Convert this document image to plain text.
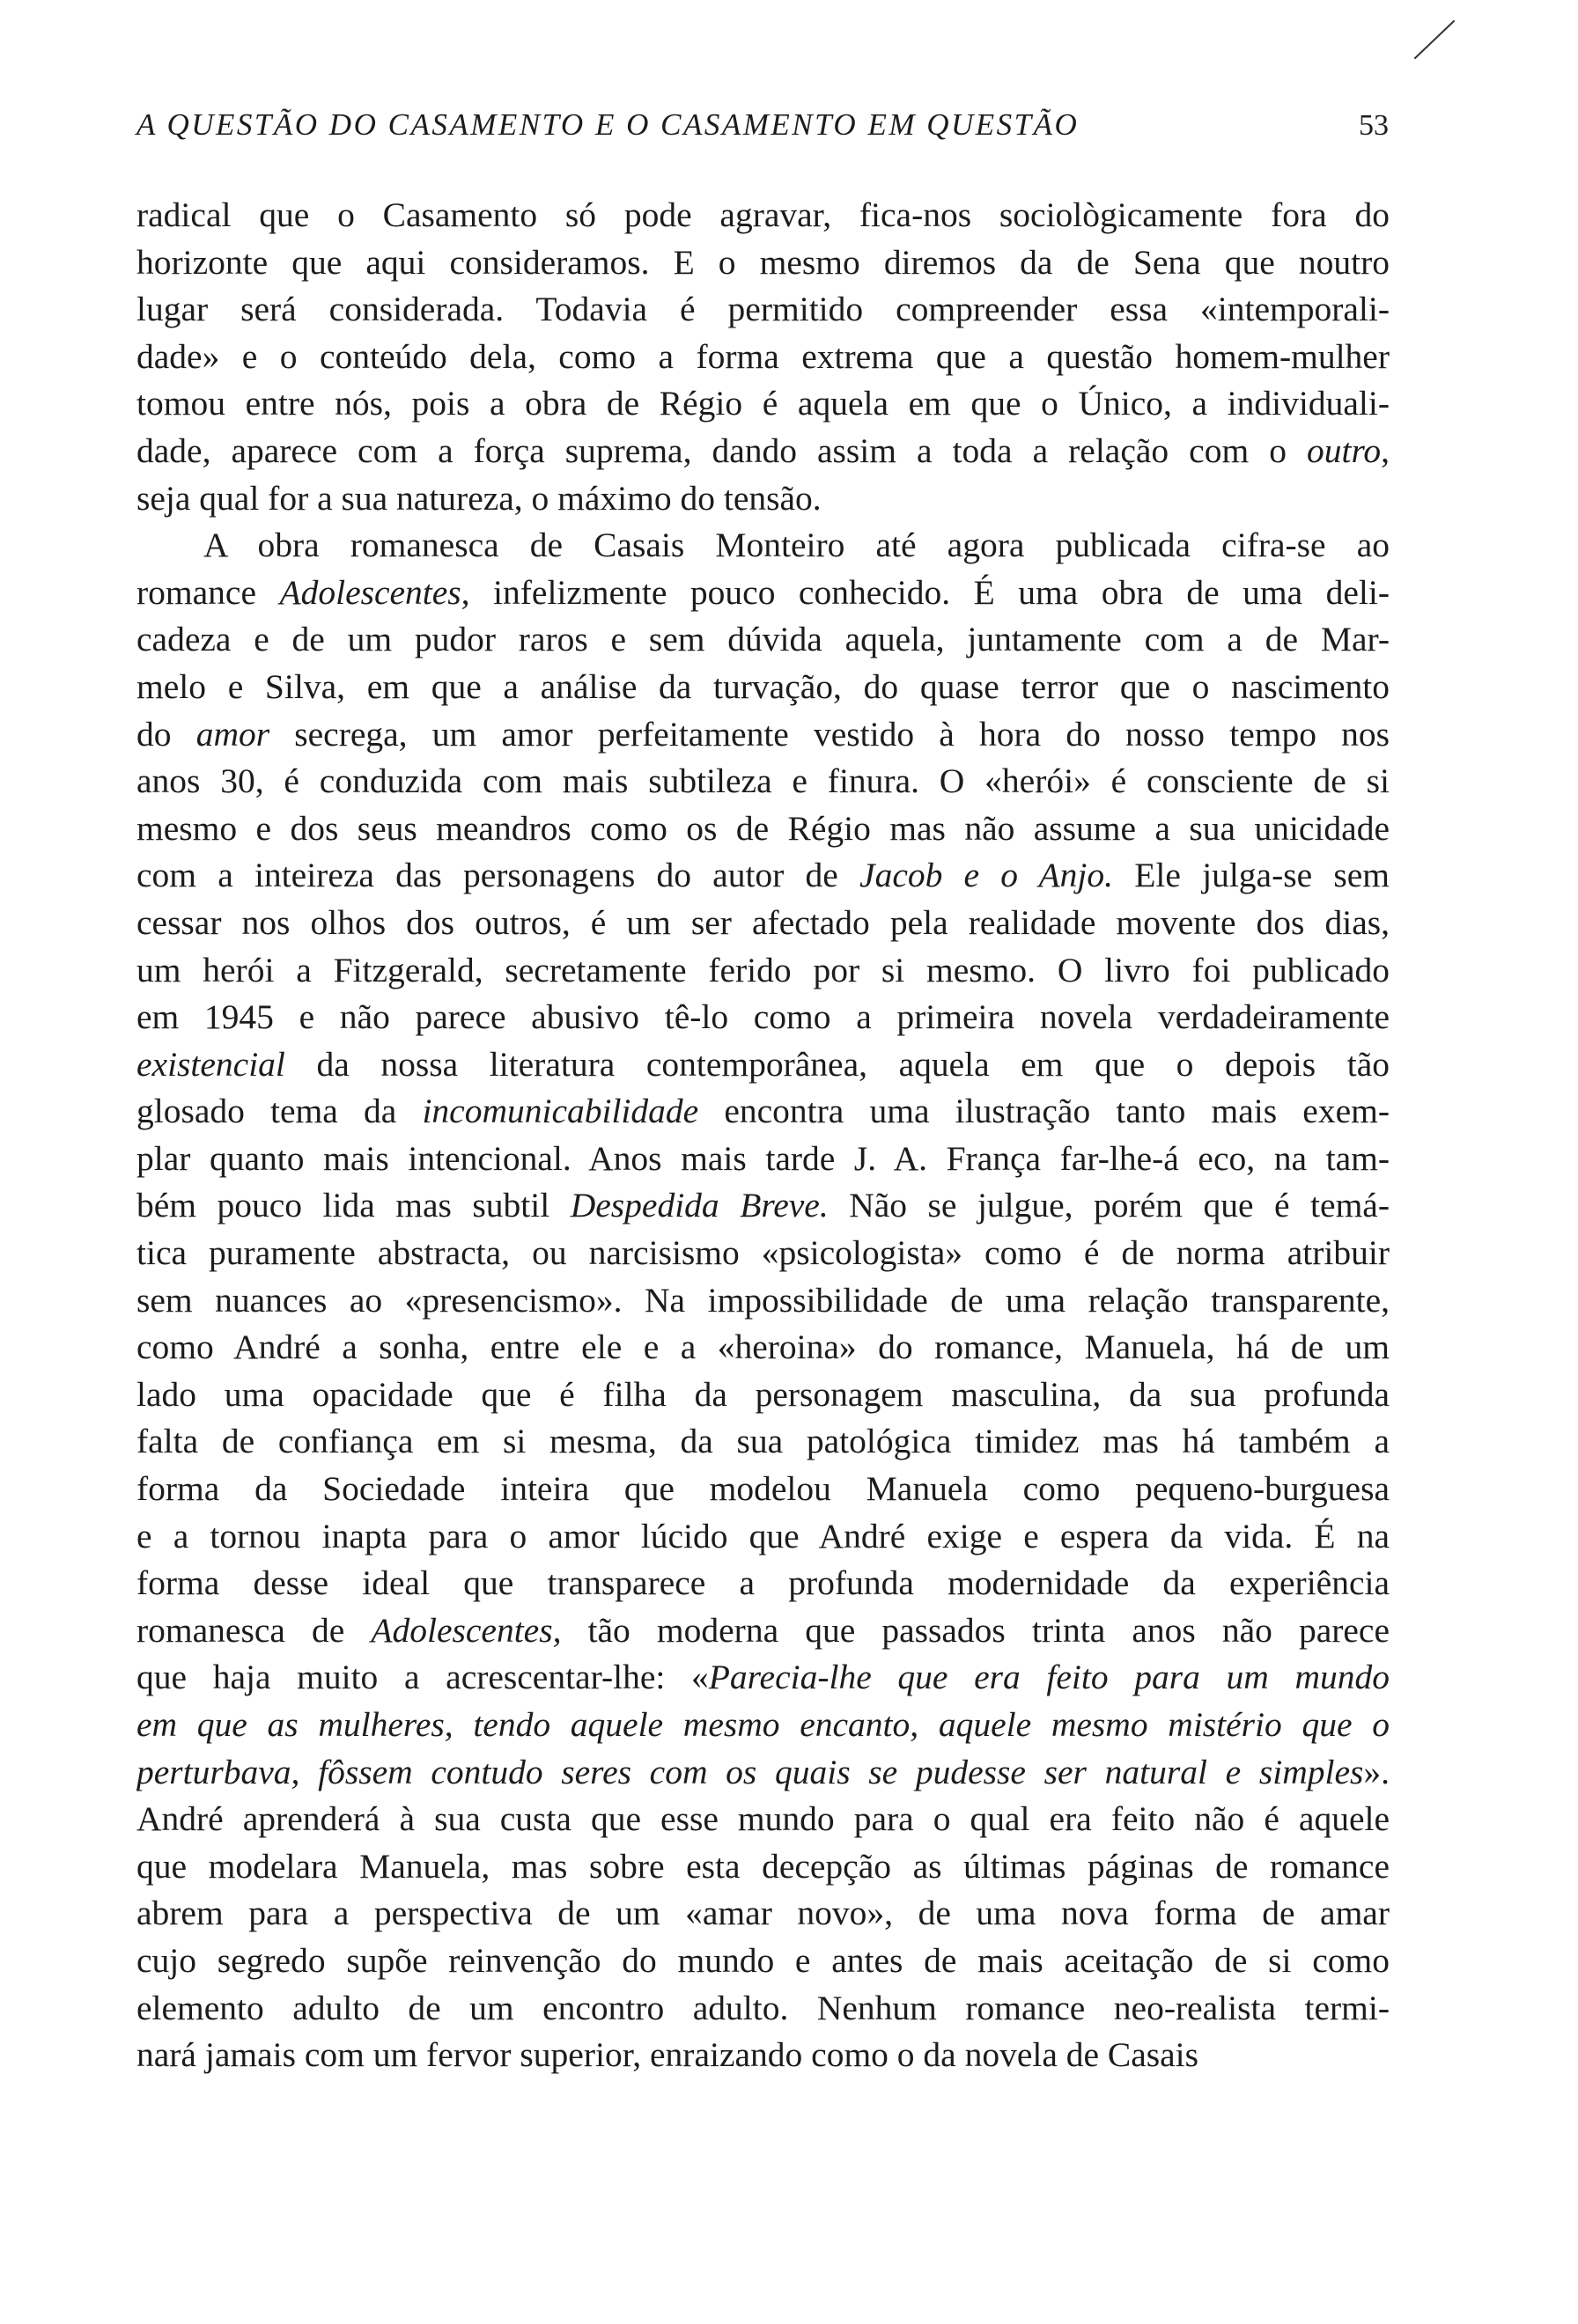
A QUESTÃO DO CASAMENTO E O CASAMENTO EM QUESTÃO	53
radical que o Casamento só pode agravar, fica-nos sociològicamente fora do
horizonte que aqui consideramos. E o mesmo diremos da de Sena que noutro
lugar será considerada. Todavia é permitido compreender essa «intemporali-
dade» e o conteúdo dela, como a forma extrema que a questão homem-mulher
tomou entre nós, pois a obra de Régio é aquela em que o Único, a individuali-
dade, aparece com a força suprema, dando assim a toda a relação com o outro,
seja qual for a sua natureza, o máximo do tensão.
A obra romanesca de Casais Monteiro até agora publicada cifra-se ao
romance Adolescentes, infelizmente pouco conhecido. É uma obra de uma deli-
cadeza e de um pudor raros e sem dúvida aquela, juntamente com a de Mar-
melo e Silva, em que a análise da turvação, do quase terror que o nascimento
do amor secrega, um amor perfeitamente vestido à hora do nosso tempo nos
anos 30, é conduzida com mais subtileza e finura. O «herói» é consciente de si
mesmo e dos seus meandros como os de Régio mas não assume a sua unicidade
com a inteireza das personagens do autor de Jacob e o Anjo. Ele julga-se sem
cessar nos olhos dos outros, é um ser afectado pela realidade movente dos dias,
um herói a Fitzgerald, secretamente ferido por si mesmo. O livro foi publicado
em 1945 e não parece abusivo tê-lo como a primeira novela verdadeiramente
existencial da nossa literatura contemporânea, aquela em que o depois tão
glosado tema da incomunicabilidade encontra uma ilustração tanto mais exem-
plar quanto mais intencional. Anos mais tarde J. A. França far-lhe-á eco, na tam-
bém pouco lida mas subtil Despedida Breve. Não se julgue, porém que é temá-
tica puramente abstracta, ou narcisismo «psicologista» como é de norma atribuir
sem nuances ao «presencismo». Na impossibilidade de uma relação transparente,
como André a sonha, entre ele e a «heroina» do romance, Manuela, há de um
lado uma opacidade que é filha da personagem masculina, da sua profunda
falta de confiança em si mesma, da sua patológica timidez mas há também a
forma da Sociedade inteira que modelou Manuela como pequeno-burguesa
e a tornou inapta para o amor lúcido que André exige e espera da vida. É na
forma desse ideal que transparece a profunda modernidade da experiência
romanesca de Adolescentes, tão moderna que passados trinta anos não parece
que haja muito a acrescentar-lhe: «Parecia-lhe que era feito para um mundo
em que as mulheres, tendo aquele mesmo encanto, aquele mesmo mistério que o
perturbava, fôssem contudo seres com os quais se pudesse ser natural e simples».
André aprenderá à sua custa que esse mundo para o qual era feito não é aquele
que modelara Manuela, mas sobre esta decepção as últimas páginas de romance
abrem para a perspectiva de um «amar novo», de uma nova forma de amar
cujo segredo supõe reinvenção do mundo e antes de mais aceitação de si como
elemento adulto de um encontro adulto. Nenhum romance neo-realista termi-
nará jamais com um fervor superior, enraizando como o da novela de Casais
